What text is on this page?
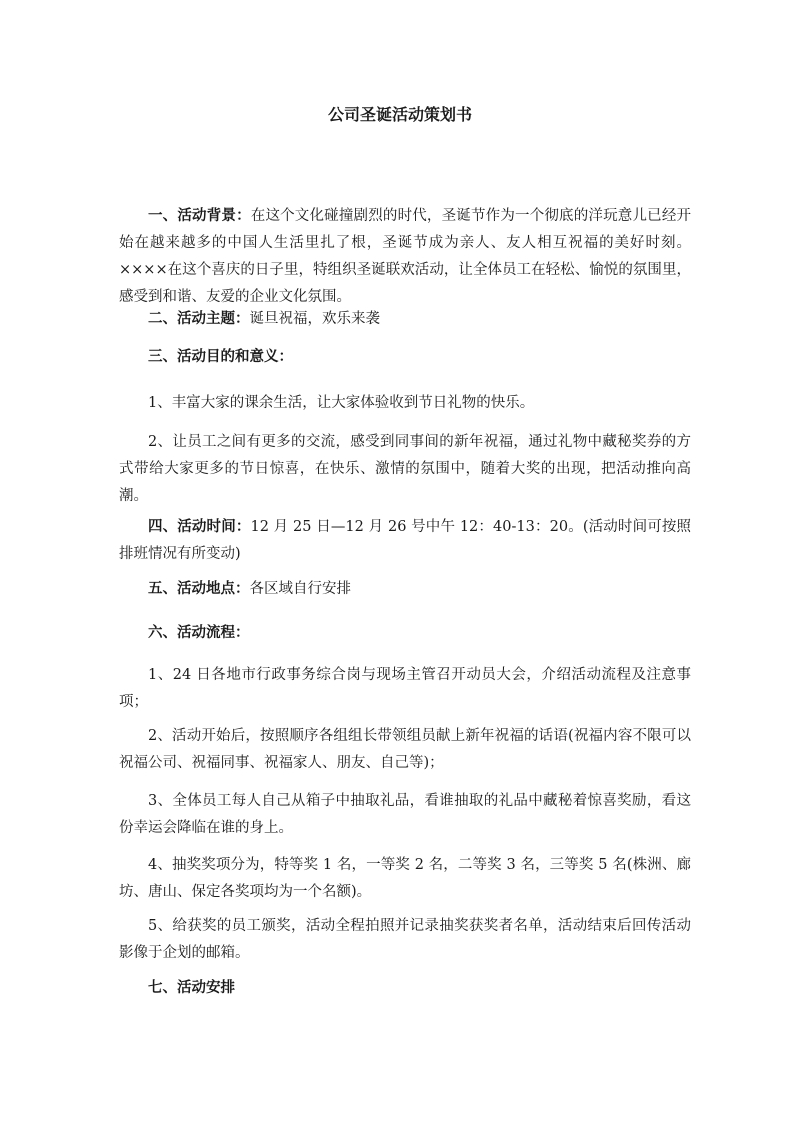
公司圣诞活动策划书
一、活动背景：在这个文化碰撞剧烈的时代，圣诞节作为一个彻底的洋玩意儿已经开始在越来越多的中国人生活里扎了根，圣诞节成为亲人、友人相互祝福的美好时刻。××××在这个喜庆的日子里，特组织圣诞联欢活动，让全体员工在轻松、愉悦的氛围里，感受到和谐、友爱的企业文化氛围。
二、活动主题：诞旦祝福，欢乐来袭
三、活动目的和意义：
1、丰富大家的课余生活，让大家体验收到节日礼物的快乐。
2、让员工之间有更多的交流，感受到同事间的新年祝福，通过礼物中藏秘奖券的方式带给大家更多的节日惊喜，在快乐、激情的氛围中，随着大奖的出现，把活动推向高潮。
四、活动时间：12 月 25 日—12 月 26 号中午 12：40-13：20。(活动时间可按照排班情况有所变动)
五、活动地点：各区域自行安排
六、活动流程：
1、24 日各地市行政事务综合岗与现场主管召开动员大会，介绍活动流程及注意事项；
2、活动开始后，按照顺序各组组长带领组员献上新年祝福的话语(祝福内容不限可以祝福公司、祝福同事、祝福家人、朋友、自己等)；
3、全体员工每人自己从箱子中抽取礼品，看谁抽取的礼品中藏秘着惊喜奖励，看这份幸运会降临在谁的身上。
4、抽奖奖项分为，特等奖 1 名，一等奖 2 名，二等奖 3 名，三等奖 5 名(株洲、廊坊、唐山、保定各奖项均为一个名额)。
5、给获奖的员工颁奖，活动全程拍照并记录抽奖获奖者名单，活动结束后回传活动影像于企划的邮箱。
七、活动安排
